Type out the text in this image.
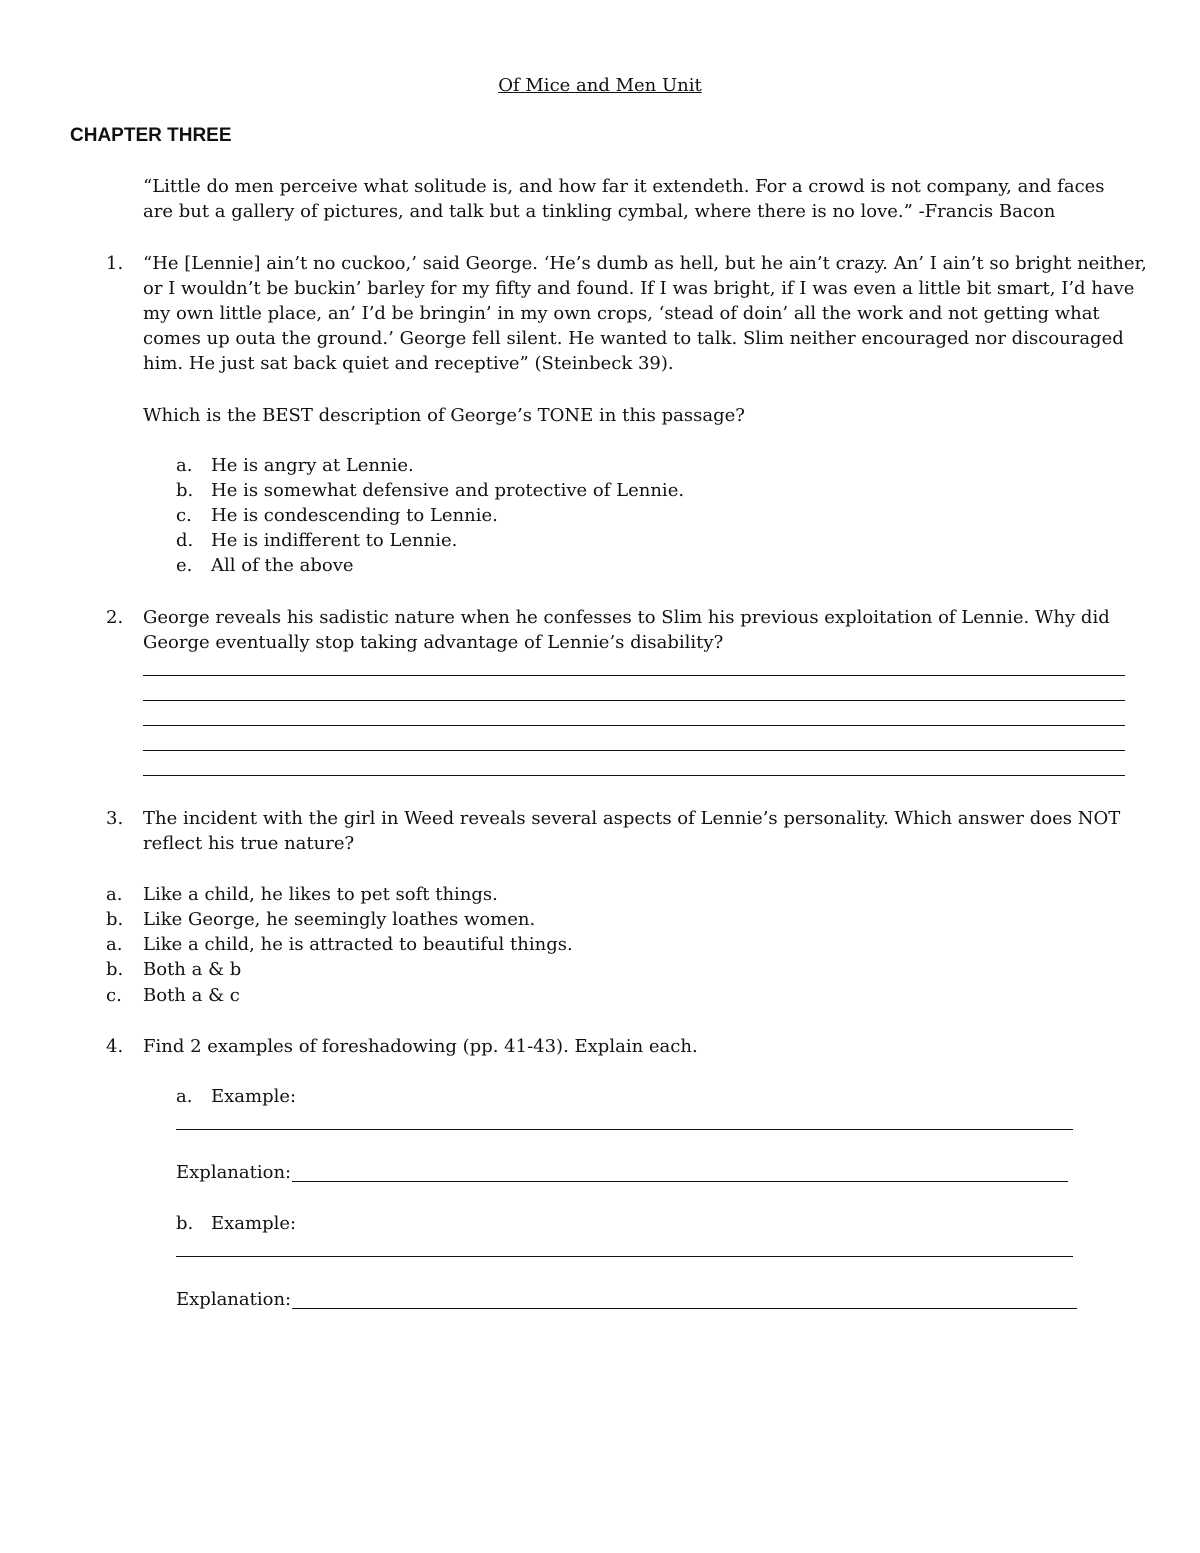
Of Mice and Men Unit
CHAPTER THREE
“Little do men perceive what solitude is, and how far it extendeth. For a crowd is not company, and faces
are but a gallery of pictures, and talk but a tinkling cymbal, where there is no love.” -Francis Bacon
1.	“He [Lennie] ain’t no cuckoo,’ said George. ‘He’s dumb as hell, but he ain’t crazy. An’ I ain’t so bright neither,
or I wouldn’t be buckin’ barley for my fifty and found. If I was bright, if I was even a little bit smart, I’d have
my own little place, an’ I’d be bringin’ in my own crops, ‘stead of doin’ all the work and not getting what
comes up outa the ground.’ George fell silent. He wanted to talk. Slim neither encouraged nor discouraged
him. He just sat back quiet and receptive” (Steinbeck 39).
Which is the BEST description of George’s TONE in this passage?
a. He is angry at Lennie.
b. He is somewhat defensive and protective of Lennie.
c. He is condescending to Lennie.
d. He is indifferent to Lennie.
e. All of the above
2.	George reveals his sadistic nature when he confesses to Slim his previous exploitation of Lennie. Why did
George eventually stop taking advantage of Lennie’s disability?
3.	The incident with the girl in Weed reveals several aspects of Lennie’s personality. Which answer does NOT
reflect his true nature?
a. Like a child, he likes to pet soft things.
b. Like George, he seemingly loathes women.
a. Like a child, he is attracted to beautiful things.
b. Both a & b
c. Both a & c
4.	Find 2 examples of foreshadowing (pp. 41-43). Explain each.
a. Example:
Explanation:
b. Example:
Explanation:
